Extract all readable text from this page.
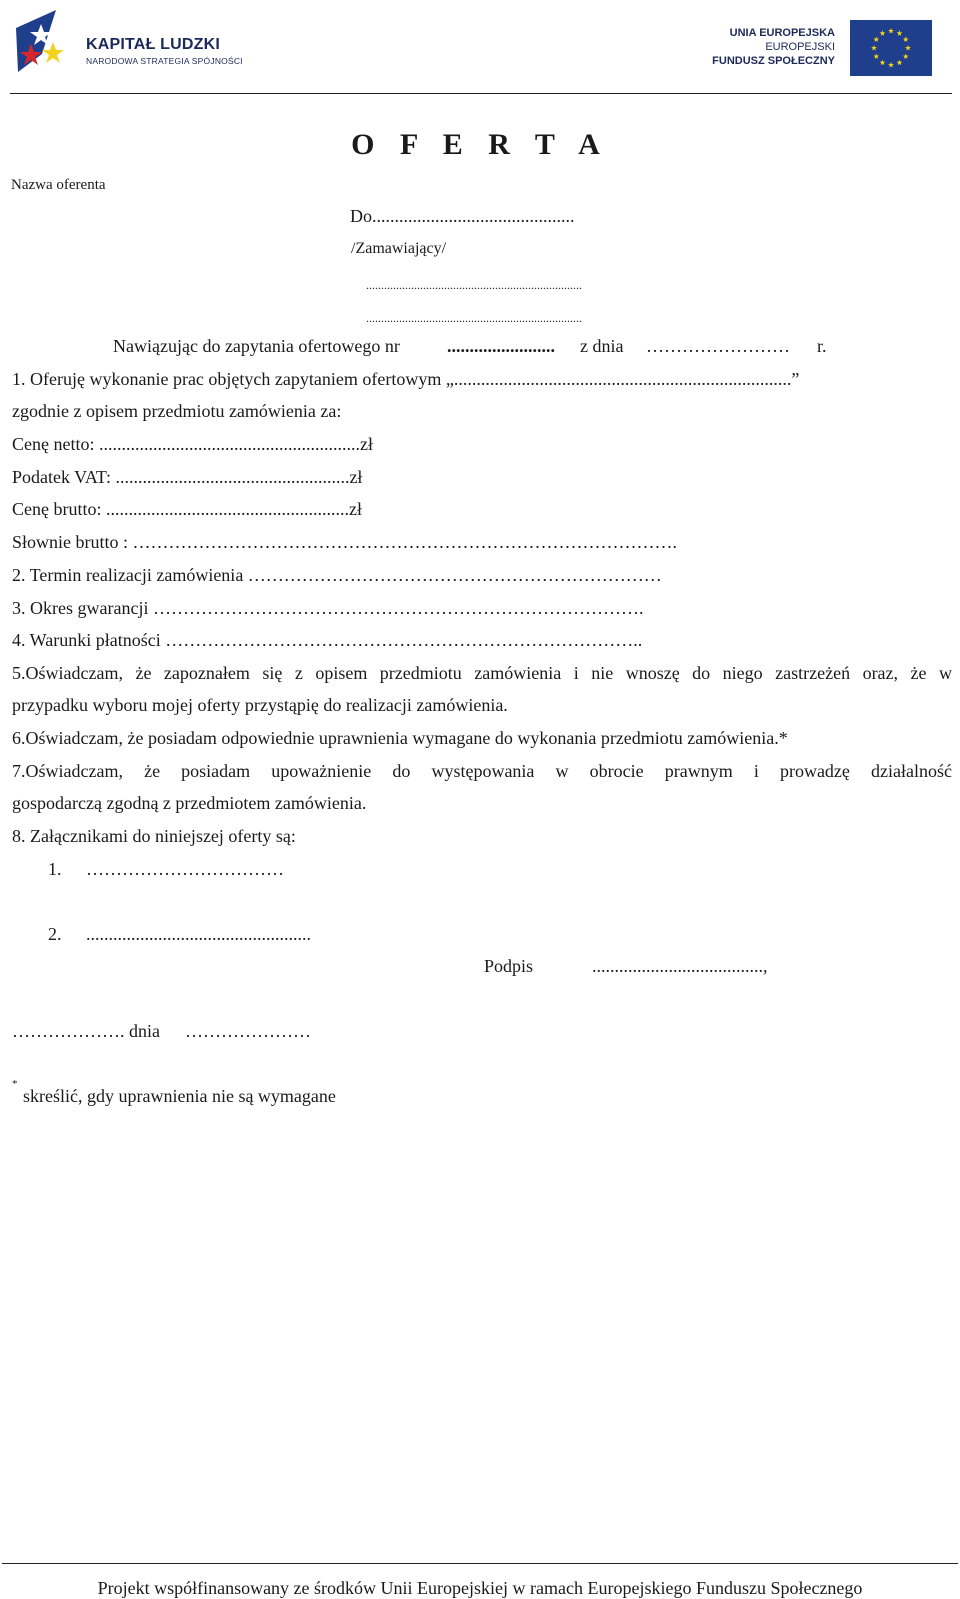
KAPITAŁ LUDZKI
NARODOWA STRATEGIA SPÓJNOŚCI
UNIA EUROPEJSKA
EUROPEJSKI
FUNDUSZ SPOŁECZNY
O F E R T A
Nazwa oferenta
Do.............................................
/Zamawiający/
........................................................................
........................................................................
Nawiązując do zapytania ofertowego nr	........................ z dnia …………………… r.
1. Oferuję wykonanie prac objętych zapytaniem ofertowym „...........................................................................”
zgodnie z opisem przedmiotu zamówienia za:
Cenę netto: ..........................................................zł
Podatek VAT: ....................................................zł
Cenę brutto: ......................................................zł
Słownie brutto : ……………………………………………………………………………….
2. Termin realizacji zamówienia ……………………………………………………………
3. Okres gwarancji ……………………………………………………………………….
4. Warunki płatności ……………………………………………………………………..
5.Oświadczam, że zapoznałem się z opisem przedmiotu zamówienia i nie wnoszę do niego zastrzeżeń oraz, że w
przypadku wyboru mojej oferty przystąpię do realizacji zamówienia.
6.Oświadczam, że posiadam odpowiednie uprawnienia wymagane do wykonania przedmiotu zamówienia.*
7.Oświadczam, że posiadam upoważnienie do występowania w obrocie prawnym i prowadzę działalność
gospodarczą zgodną z przedmiotem zamówienia.
8. Załącznikami do niniejszej oferty są:
1. ……………………………
2. ..................................................
Podpis	......................................,
………………. dnia …………………
*
skreślić, gdy uprawnienia nie są wymagane
Projekt współfinansowany ze środków Unii Europejskiej w ramach Europejskiego Funduszu Społecznego
